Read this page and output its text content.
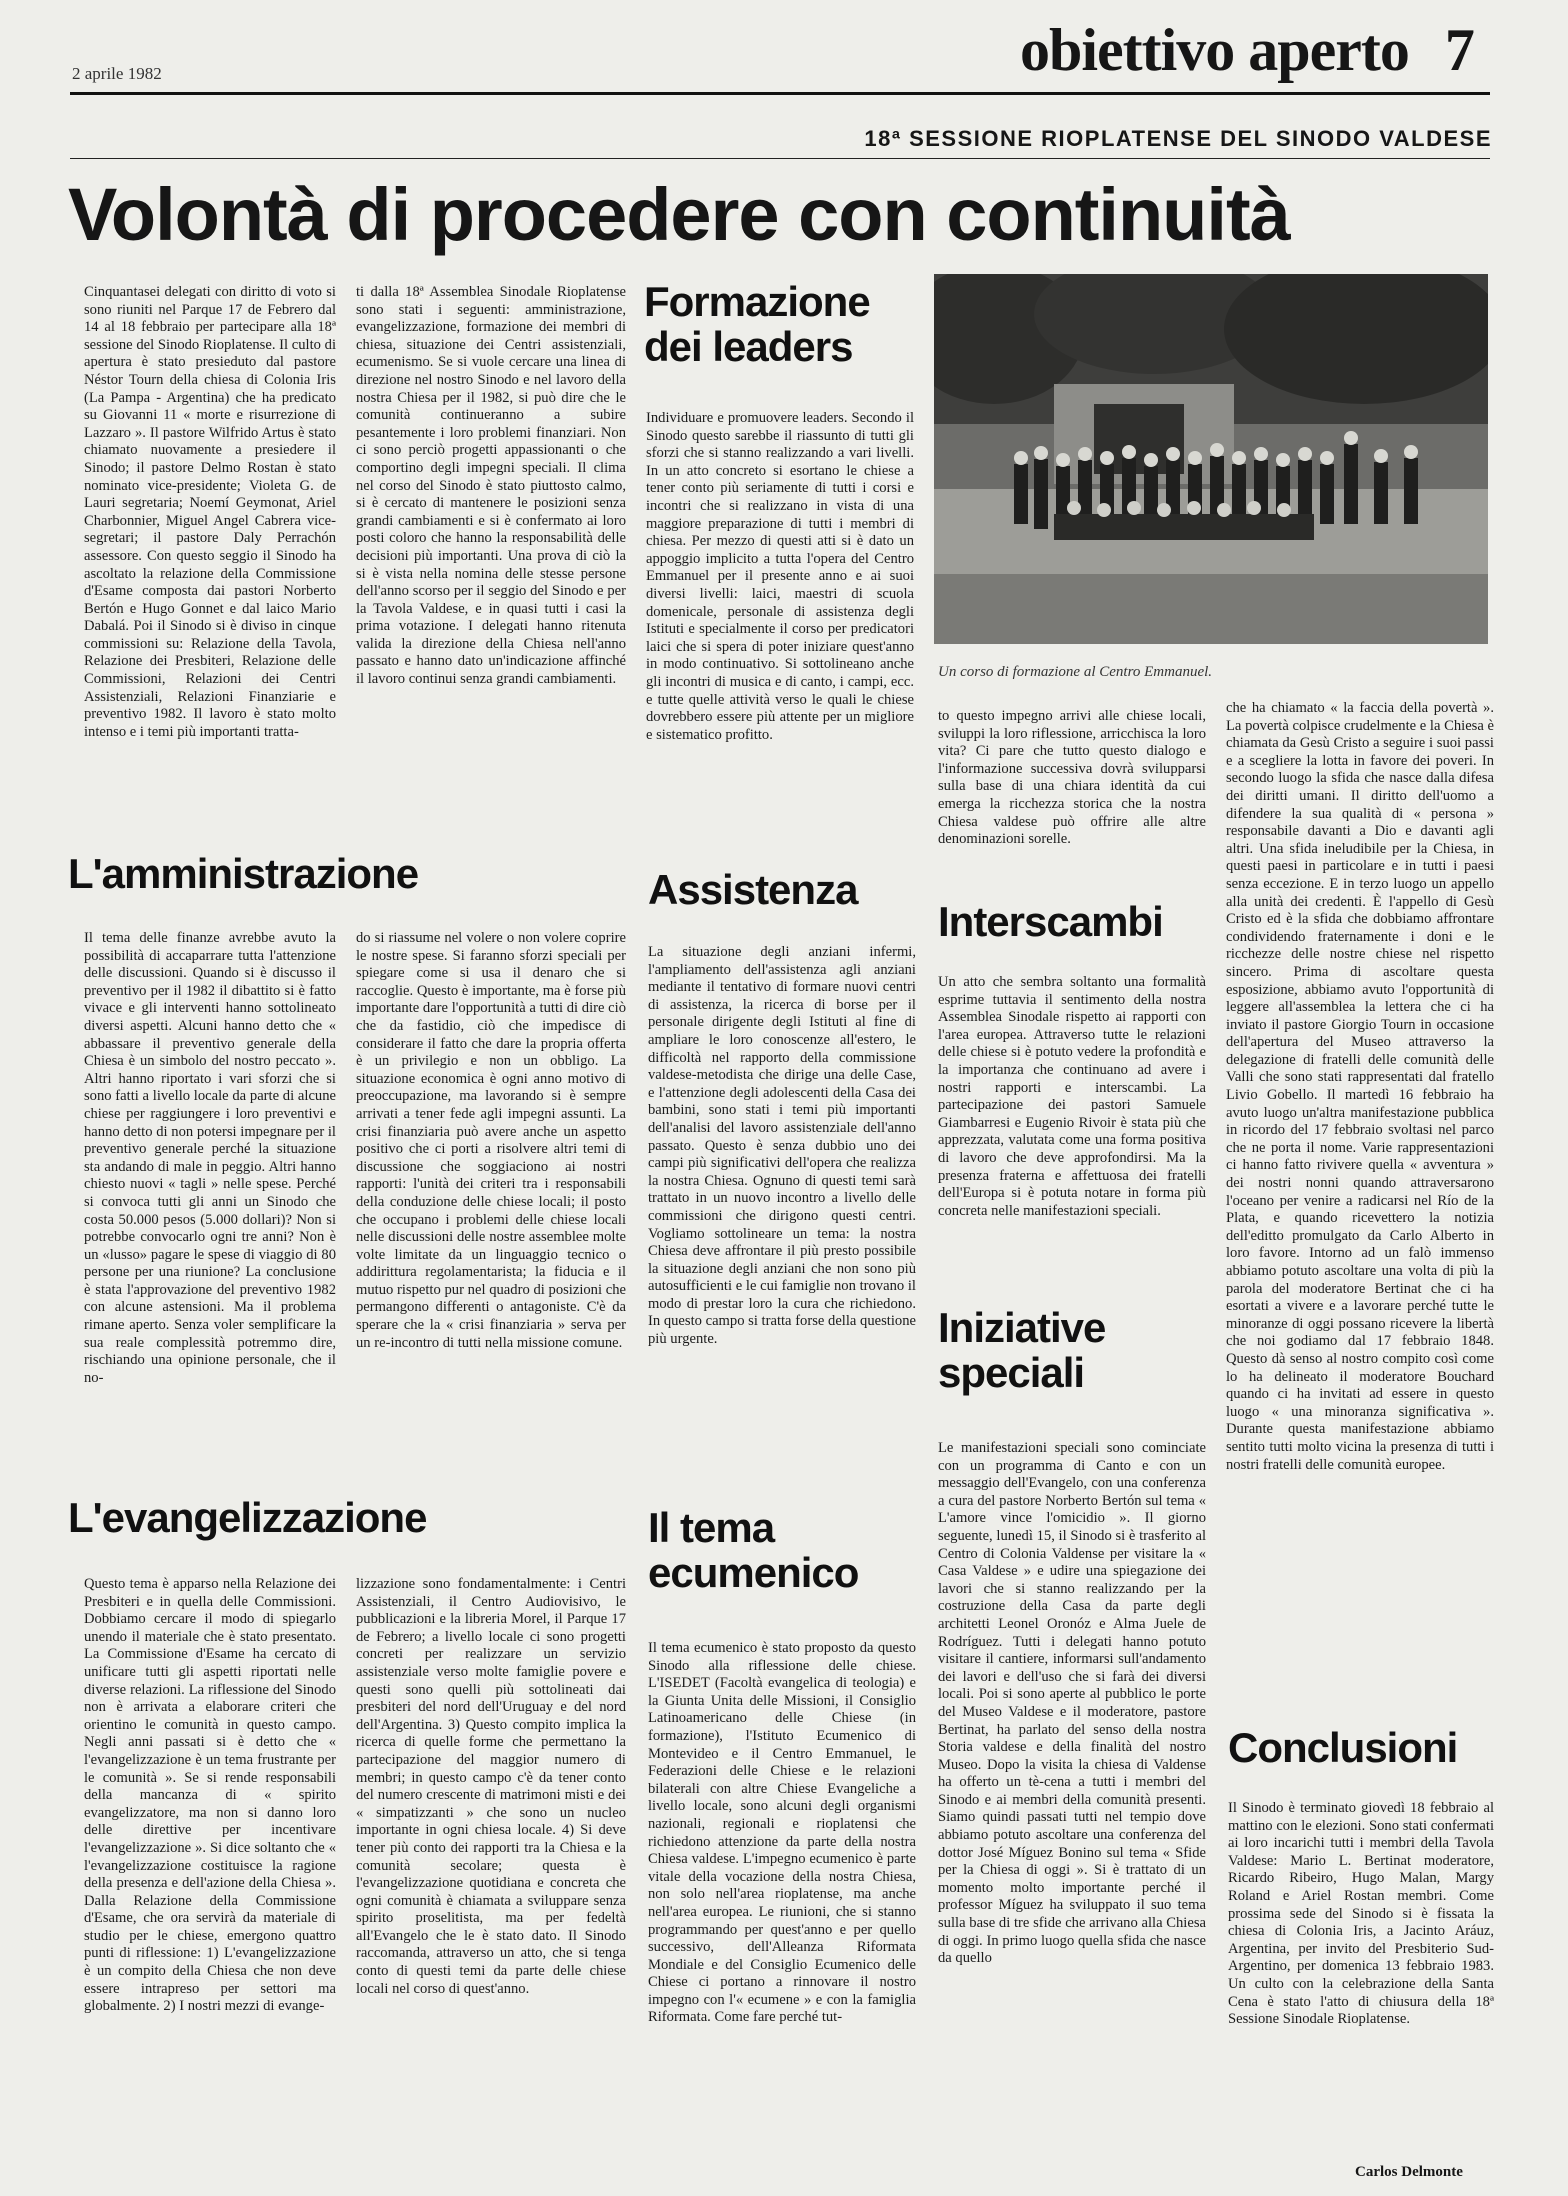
2 aprile 1982	obiettivo aperto 7
18ª SESSIONE RIOPLATENSE DEL SINODO VALDESE
Volontà di procedere con continuità
Cinquantasei delegati con diritto di voto si sono riuniti nel Parque 17 de Febrero dal 14 al 18 febbraio per partecipare alla 18ª sessione del Sinodo Rioplatense. Il culto di apertura è stato presieduto dal pastore Néstor Tourn della chiesa di Colonia Iris (La Pampa - Argentina) che ha predicato su Giovanni 11 « morte e risurrezione di Lazzaro ». Il pastore Wilfrido Artus è stato chiamato nuovamente a presiedere il Sinodo; il pastore Delmo Rostan è stato nominato vice-presidente; Violeta G. de Lauri segretaria; Noemí Geymonat, Ariel Charbonnier, Miguel Angel Cabrera vice-segretari; il pastore Daly Perrachón assessore. Con questo seggio il Sinodo ha ascoltato la relazione della Commissione d'Esame composta dai pastori Norberto Bertón e Hugo Gonnet e dal laico Mario Dabalá. Poi il Sinodo si è diviso in cinque commissioni su: Relazione della Tavola, Relazione dei Presbiteri, Relazione delle Commissioni, Relazioni dei Centri Assistenziali, Relazioni Finanziarie e preventivo 1982. Il lavoro è stato molto intenso e i temi più importanti tratta-
ti dalla 18ª Assemblea Sinodale Rioplatense sono stati i seguenti: amministrazione, evangelizzazione, formazione dei membri di chiesa, situazione dei Centri assistenziali, ecumenismo. Se si vuole cercare una linea di direzione nel nostro Sinodo e nel lavoro della nostra Chiesa per il 1982, si può dire che le comunità continueranno a subire pesantemente i loro problemi finanziari. Non ci sono perciò progetti appassionanti o che comportino degli impegni speciali. Il clima nel corso del Sinodo è stato piuttosto calmo, si è cercato di mantenere le posizioni senza grandi cambiamenti e si è confermato ai loro posti coloro che hanno la responsabilità delle decisioni più importanti. Una prova di ciò la si è vista nella nomina delle stesse persone dell'anno scorso per il seggio del Sinodo e per la Tavola Valdese, e in quasi tutti i casi la prima votazione. I delegati hanno ritenuta valida la direzione della Chiesa nell'anno passato e hanno dato un'indicazione affinché il lavoro continui senza grandi cambiamenti.
Formazione dei leaders
Individuare e promuovere leaders. Secondo il Sinodo questo sarebbe il riassunto di tutti gli sforzi che si stanno realizzando a vari livelli. In un atto concreto si esortano le chiese a tener conto più seriamente di tutti i corsi e incontri che si realizzano in vista di una maggiore preparazione di tutti i membri di chiesa. Per mezzo di questi atti si è dato un appoggio implicito a tutta l'opera del Centro Emmanuel per il presente anno e ai suoi diversi livelli: laici, maestri di scuola domenicale, personale di assistenza degli Istituti e specialmente il corso per predicatori laici che si spera di poter iniziare quest'anno in modo continuativo. Si sottolineano anche gli incontri di musica e di canto, i campi, ecc. e tutte quelle attività verso le quali le chiese dovrebbero essere più attente per un migliore e sistematico profitto.
Un corso di formazione al Centro Emmanuel.
to questo impegno arrivi alle chiese locali, sviluppi la loro riflessione, arricchisca la loro vita? Ci pare che tutto questo dialogo e l'informazione successiva dovrà svilupparsi sulla base di una chiara identità da cui emerga la ricchezza storica che la nostra Chiesa valdese può offrire alle altre denominazioni sorelle.
che ha chiamato « la faccia della povertà ». La povertà colpisce crudelmente e la Chiesa è chiamata da Gesù Cristo a seguire i suoi passi e a scegliere la lotta in favore dei poveri. In secondo luogo la sfida che nasce dalla difesa dei diritti umani. Il diritto dell'uomo a difendere la sua qualità di « persona » responsabile davanti a Dio e davanti agli altri. Una sfida ineludibile per la Chiesa, in questi paesi in particolare e in tutti i paesi senza eccezione. E in terzo luogo un appello alla unità dei credenti. È l'appello di Gesù Cristo ed è la sfida che dobbiamo affrontare condividendo fraternamente i doni e le ricchezze delle nostre chiese nel rispetto sincero. Prima di ascoltare questa esposizione, abbiamo avuto l'opportunità di leggere all'assemblea la lettera che ci ha inviato il pastore Giorgio Tourn in occasione dell'apertura del Museo attraverso la delegazione di fratelli delle comunità delle Valli che sono stati rappresentati dal fratello Livio Gobello. Il martedì 16 febbraio ha avuto luogo un'altra manifestazione pubblica in ricordo del 17 febbraio svoltasi nel parco che ne porta il nome. Varie rappresentazioni ci hanno fatto rivivere quella « avventura » dei nostri nonni quando attraversarono l'oceano per venire a radicarsi nel Río de la Plata, e quando ricevettero la notizia dell'editto promulgato da Carlo Alberto in loro favore. Intorno ad un falò immenso abbiamo potuto ascoltare una volta di più la parola del moderatore Bertinat che ci ha esortati a vivere e a lavorare perché tutte le minoranze di oggi possano ricevere la libertà che noi godiamo dal 17 febbraio 1848. Questo dà senso al nostro compito così come lo ha delineato il moderatore Bouchard quando ci ha invitati ad essere in questo luogo « una minoranza significativa ». Durante questa manifestazione abbiamo sentito tutti molto vicina la presenza di tutti i nostri fratelli delle comunità europee.
L'amministrazione
Il tema delle finanze avrebbe avuto la possibilità di accaparrare tutta l'attenzione delle discussioni. Quando si è discusso il preventivo per il 1982 il dibattito si è fatto vivace e gli interventi hanno sottolineato diversi aspetti. Alcuni hanno detto che « abbassare il preventivo generale della Chiesa è un simbolo del nostro peccato ». Altri hanno riportato i vari sforzi che si sono fatti a livello locale da parte di alcune chiese per raggiungere i loro preventivi e hanno detto di non potersi impegnare per il preventivo generale perché la situazione sta andando di male in peggio. Altri hanno chiesto nuovi « tagli » nelle spese. Perché si convoca tutti gli anni un Sinodo che costa 50.000 pesos (5.000 dollari)? Non si potrebbe convocarlo ogni tre anni? Non è un «lusso» pagare le spese di viaggio di 80 persone per una riunione? La conclusione è stata l'approvazione del preventivo 1982 con alcune astensioni. Ma il problema rimane aperto. Senza voler semplificare la sua reale complessità potremmo dire, rischiando una opinione personale, che il no-
do si riassume nel volere o non volere coprire le nostre spese. Si faranno sforzi speciali per spiegare come si usa il denaro che si raccoglie. Questo è importante, ma è forse più importante dare l'opportunità a tutti di dire ciò che da fastidio, ciò che impedisce di considerare il fatto che dare la propria offerta è un privilegio e non un obbligo. La situazione economica è ogni anno motivo di preoccupazione, ma lavorando si è sempre arrivati a tener fede agli impegni assunti. La crisi finanziaria può avere anche un aspetto positivo che ci porti a risolvere altri temi di discussione che soggiaciono ai nostri rapporti: l'unità dei criteri tra i responsabili della conduzione delle chiese locali; il posto che occupano i problemi delle chiese locali nelle discussioni delle nostre assemblee molte volte limitate da un linguaggio tecnico o addirittura regolamentarista; la fiducia e il mutuo rispetto pur nel quadro di posizioni che permangono differenti o antagoniste. C'è da sperare che la « crisi finanziaria » serva per un re-incontro di tutti nella missione comune.
Assistenza
La situazione degli anziani infermi, l'ampliamento dell'assistenza agli anziani mediante il tentativo di formare nuovi centri di assistenza, la ricerca di borse per il personale dirigente degli Istituti al fine di ampliare le loro conoscenze all'estero, le difficoltà nel rapporto della commissione valdese-metodista che dirige una delle Case, e l'attenzione degli adolescenti della Casa dei bambini, sono stati i temi più importanti dell'analisi del lavoro assistenziale dell'anno passato. Questo è senza dubbio uno dei campi più significativi dell'opera che realizza la nostra Chiesa. Ognuno di questi temi sarà trattato in un nuovo incontro a livello delle commissioni che dirigono questi centri. Vogliamo sottolineare un tema: la nostra Chiesa deve affrontare il più presto possibile la situazione degli anziani che non sono più autosufficienti e le cui famiglie non trovano il modo di prestar loro la cura che richiedono. In questo campo si tratta forse della questione più urgente.
Interscambi
Un atto che sembra soltanto una formalità esprime tuttavia il sentimento della nostra Assemblea Sinodale rispetto ai rapporti con l'area europea. Attraverso tutte le relazioni delle chiese si è potuto vedere la profondità e la importanza che continuano ad avere i nostri rapporti e interscambi. La partecipazione dei pastori Samuele Giambarresi e Eugenio Rivoir è stata più che apprezzata, valutata come una forma positiva di lavoro che deve approfondirsi. Ma la presenza fraterna e affettuosa dei fratelli dell'Europa si è potuta notare in forma più concreta nelle manifestazioni speciali.
Iniziative speciali
Le manifestazioni speciali sono cominciate con un programma di Canto e con un messaggio dell'Evangelo, con una conferenza a cura del pastore Norberto Bertón sul tema « L'amore vince l'omicidio ». Il giorno seguente, lunedì 15, il Sinodo si è trasferito al Centro di Colonia Valdense per visitare la « Casa Valdese » e udire una spiegazione dei lavori che si stanno realizzando per la costruzione della Casa da parte degli architetti Leonel Oronóz e Alma Juele de Rodríguez. Tutti i delegati hanno potuto visitare il cantiere, informarsi sull'andamento dei lavori e dell'uso che si farà dei diversi locali. Poi si sono aperte al pubblico le porte del Museo Valdese e il moderatore, pastore Bertinat, ha parlato del senso della nostra Storia valdese e della finalità del nostro Museo. Dopo la visita la chiesa di Valdense ha offerto un tè-cena a tutti i membri del Sinodo e ai membri della comunità presenti. Siamo quindi passati tutti nel tempio dove abbiamo potuto ascoltare una conferenza del dottor José Míguez Bonino sul tema « Sfide per la Chiesa di oggi ». Si è trattato di un momento molto importante perché il professor Míguez ha sviluppato il suo tema sulla base di tre sfide che arrivano alla Chiesa di oggi. In primo luogo quella sfida che nasce da quello
L'evangelizzazione
Questo tema è apparso nella Relazione dei Presbiteri e in quella delle Commissioni. Dobbiamo cercare il modo di spiegarlo unendo il materiale che è stato presentato. La Commissione d'Esame ha cercato di unificare tutti gli aspetti riportati nelle diverse relazioni. La riflessione del Sinodo non è arrivata a elaborare criteri che orientino le comunità in questo campo. Negli anni passati si è detto che « l'evangelizzazione è un tema frustrante per le comunità ». Se si rende responsabili della mancanza di « spirito evangelizzatore, ma non si danno loro delle direttive per incentivare l'evangelizzazione ». Si dice soltanto che « l'evangelizzazione costituisce la ragione della presenza e dell'azione della Chiesa ». Dalla Relazione della Commissione d'Esame, che ora servirà da materiale di studio per le chiese, emergono quattro punti di riflessione: 1) L'evangelizzazione è un compito della Chiesa che non deve essere intrapreso per settori ma globalmente. 2) I nostri mezzi di evange-
lizzazione sono fondamentalmente: i Centri Assistenziali, il Centro Audiovisivo, le pubblicazioni e la libreria Morel, il Parque 17 de Febrero; a livello locale ci sono progetti concreti per realizzare un servizio assistenziale verso molte famiglie povere e questi sono quelli più sottolineati dai presbiteri del nord dell'Uruguay e del nord dell'Argentina. 3) Questo compito implica la ricerca di quelle forme che permettano la partecipazione del maggior numero di membri; in questo campo c'è da tener conto del numero crescente di matrimoni misti e dei « simpatizzanti » che sono un nucleo importante in ogni chiesa locale. 4) Si deve tener più conto dei rapporti tra la Chiesa e la comunità secolare; questa è l'evangelizzazione quotidiana e concreta che ogni comunità è chiamata a sviluppare senza spirito proselitista, ma per fedeltà all'Evangelo che le è stato dato. Il Sinodo raccomanda, attraverso un atto, che si tenga conto di questi temi da parte delle chiese locali nel corso di quest'anno.
Il tema ecumenico
Il tema ecumenico è stato proposto da questo Sinodo alla riflessione delle chiese. L'ISEDET (Facoltà evangelica di teologia) e la Giunta Unita delle Missioni, il Consiglio Latinoamericano delle Chiese (in formazione), l'Istituto Ecumenico di Montevideo e il Centro Emmanuel, le Federazioni delle Chiese e le relazioni bilaterali con altre Chiese Evangeliche a livello locale, sono alcuni degli organismi nazionali, regionali e rioplatensi che richiedono attenzione da parte della nostra Chiesa valdese. L'impegno ecumenico è parte vitale della vocazione della nostra Chiesa, non solo nell'area rioplatense, ma anche nell'area europea. Le riunioni, che si stanno programmando per quest'anno e per quello successivo, dell'Alleanza Riformata Mondiale e del Consiglio Ecumenico delle Chiese ci portano a rinnovare il nostro impegno con l'« ecumene » e con la famiglia Riformata. Come fare perché tut-
Conclusioni
Il Sinodo è terminato giovedì 18 febbraio al mattino con le elezioni. Sono stati confermati ai loro incarichi tutti i membri della Tavola Valdese: Mario L. Bertinat moderatore, Ricardo Ribeiro, Hugo Malan, Margy Roland e Ariel Rostan membri. Come prossima sede del Sinodo si è fissata la chiesa di Colonia Iris, a Jacinto Aráuz, Argentina, per invito del Presbiterio Sud-Argentino, per domenica 13 febbraio 1983. Un culto con la celebrazione della Santa Cena è stato l'atto di chiusura della 18ª Sessione Sinodale Rioplatense.
Carlos Delmonte
